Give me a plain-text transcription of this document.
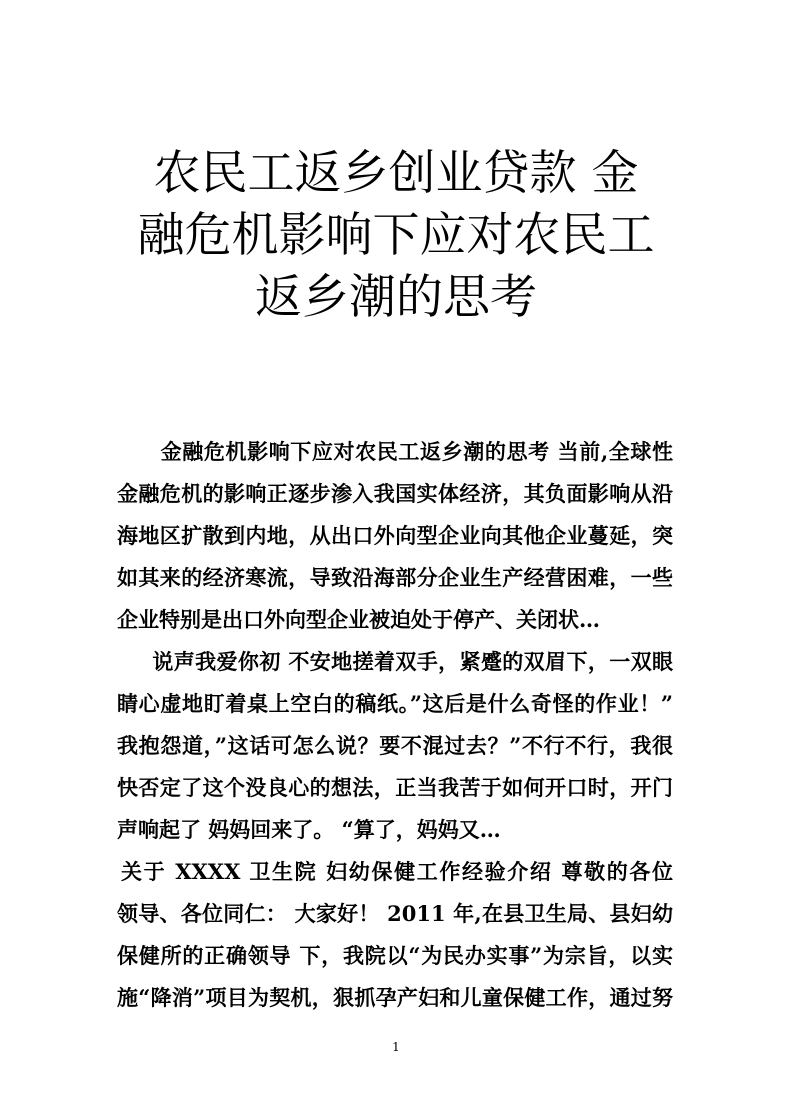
农民工返乡创业贷款 金
融危机影响下应对农民工
返乡潮的思考
　金融危机影响下应对农民工返乡潮的思考 当前,全球性
金融危机的影响正逐步渗入我国实体经济，其负面影响从沿
海地区扩散到内地，从出口外向型企业向其他企业蔓延，突
如其来的经济寒流，导致沿海部分企业生产经营困难，一些
企业特别是出口外向型企业被迫处于停产、关闭状…
　说声我爱你初 不安地搓着双手，紧蹙的双眉下，一双眼
睛心虚地盯着桌上空白的稿纸。”这后是什么奇怪的作业！”
我抱怨道，”这话可怎么说？要不混过去？”不行不行，我很
快否定了这个没良心的想法，正当我苦于如何开口时，开门
声响起了 妈妈回来了。 “算了，妈妈又…
关于 XXXX 卫生院 妇幼保健工作经验介绍 尊敬的各位
领导、各位同仁： 大家好！ 2011 年,在县卫生局、县妇幼
保健所的正确领导 下，我院以“为民办实事”为宗旨，以实
施“降消”项目为契机，狠抓孕产妇和儿童保健工作，通过努
1
